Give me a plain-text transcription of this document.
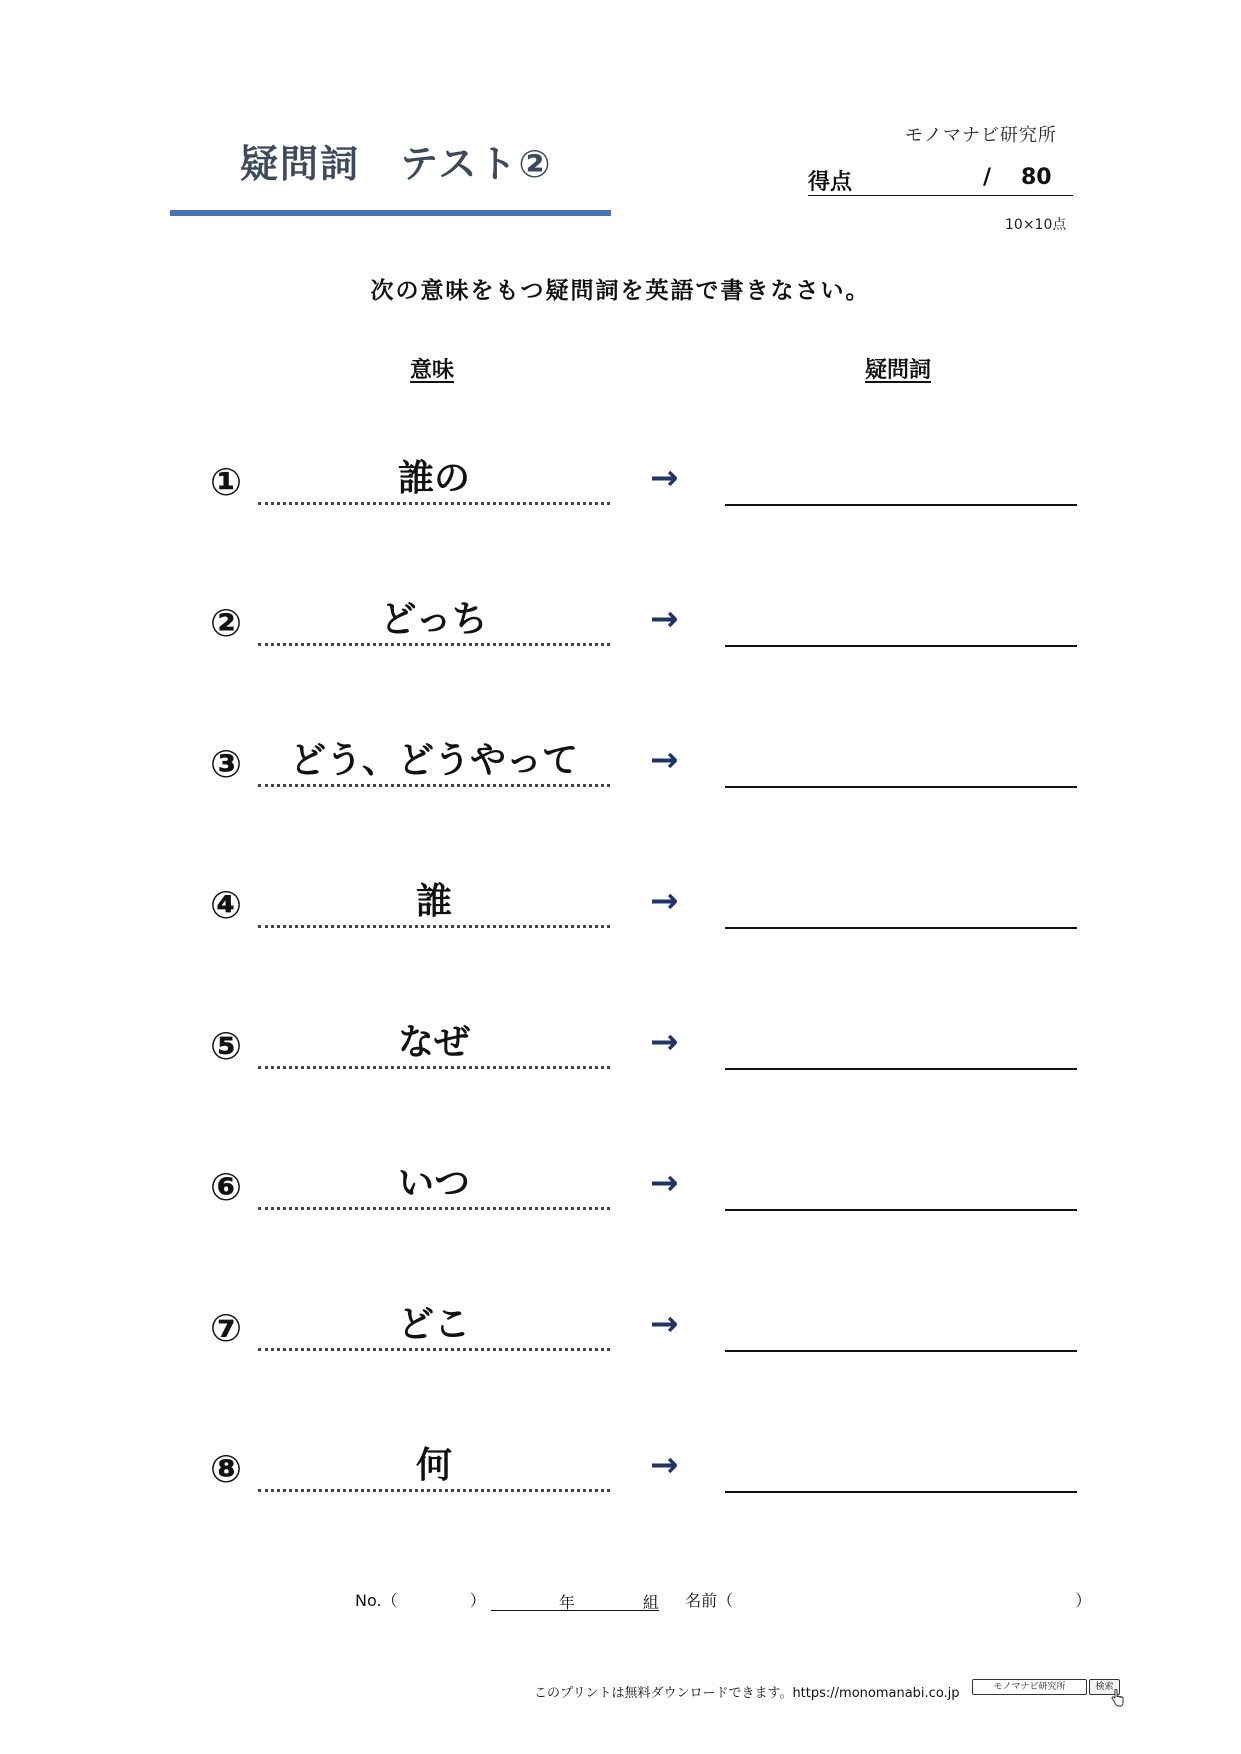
疑問詞　テスト②
モノマナビ研究所
得点	/ 80
10×10点
次の意味をもつ疑問詞を英語で書きなさい。
意味	疑問詞
①	誰の	→
②	どっち	→
③	どう、どうやって	→
④	誰	→
⑤	なぜ	→
⑥	いつ	→
⑦	どこ	→
⑧	何	→
No.（	）	年	組 名前（	）
このプリントは無料ダウンロードできます。https://monomanabi.co.jp	モノマナビ研究所	検索
